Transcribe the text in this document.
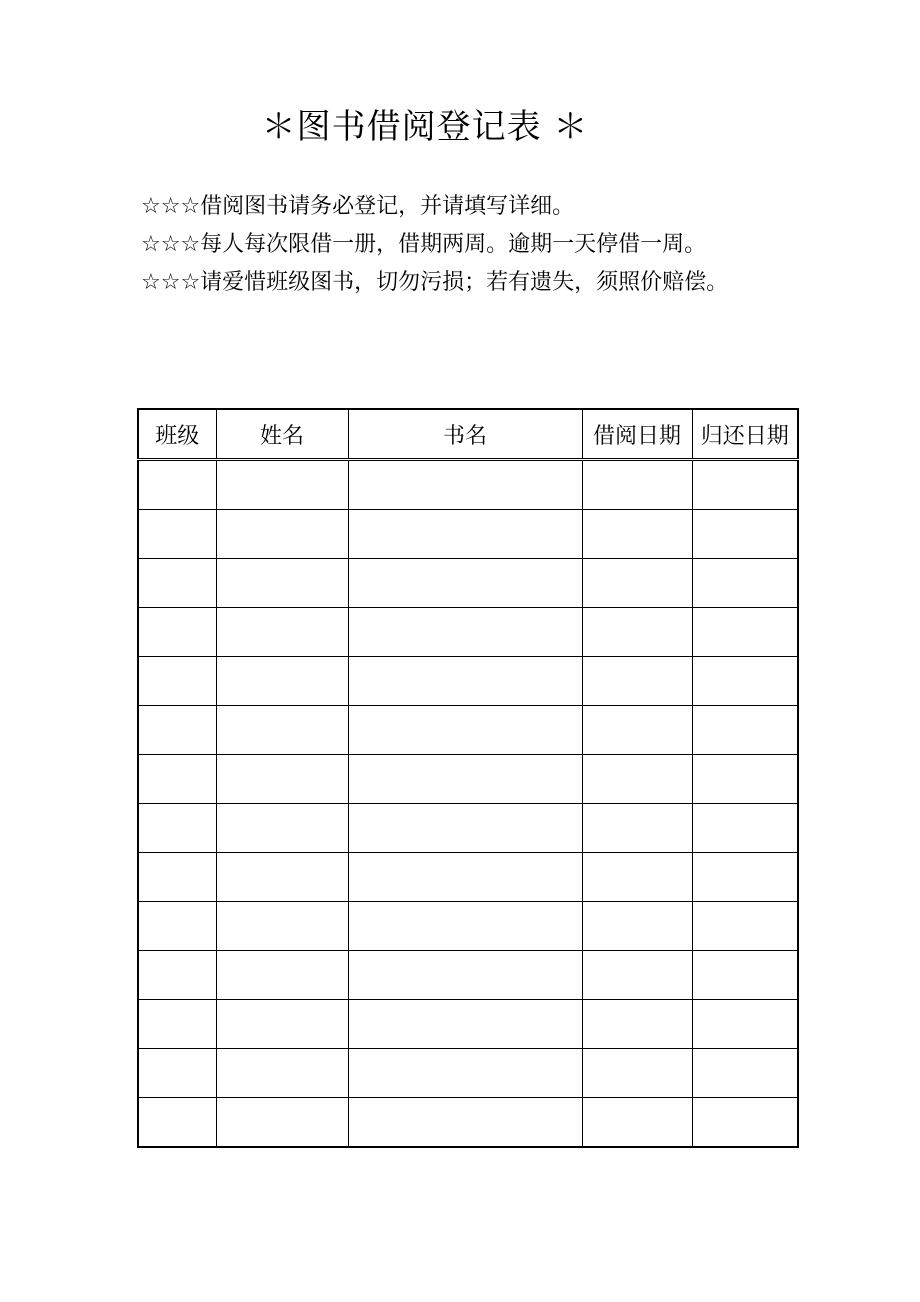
＊图书借阅登记表 ＊

☆☆☆借阅图书请务必登记，并请填写详细。

☆☆☆每人每次限借一册，借期两周。逾期一天停借一周。

☆☆☆请爱惜班级图书，切勿污损；若有遗失，须照价赔偿。

班级	姓名	书名	借阅日期	归还日期
